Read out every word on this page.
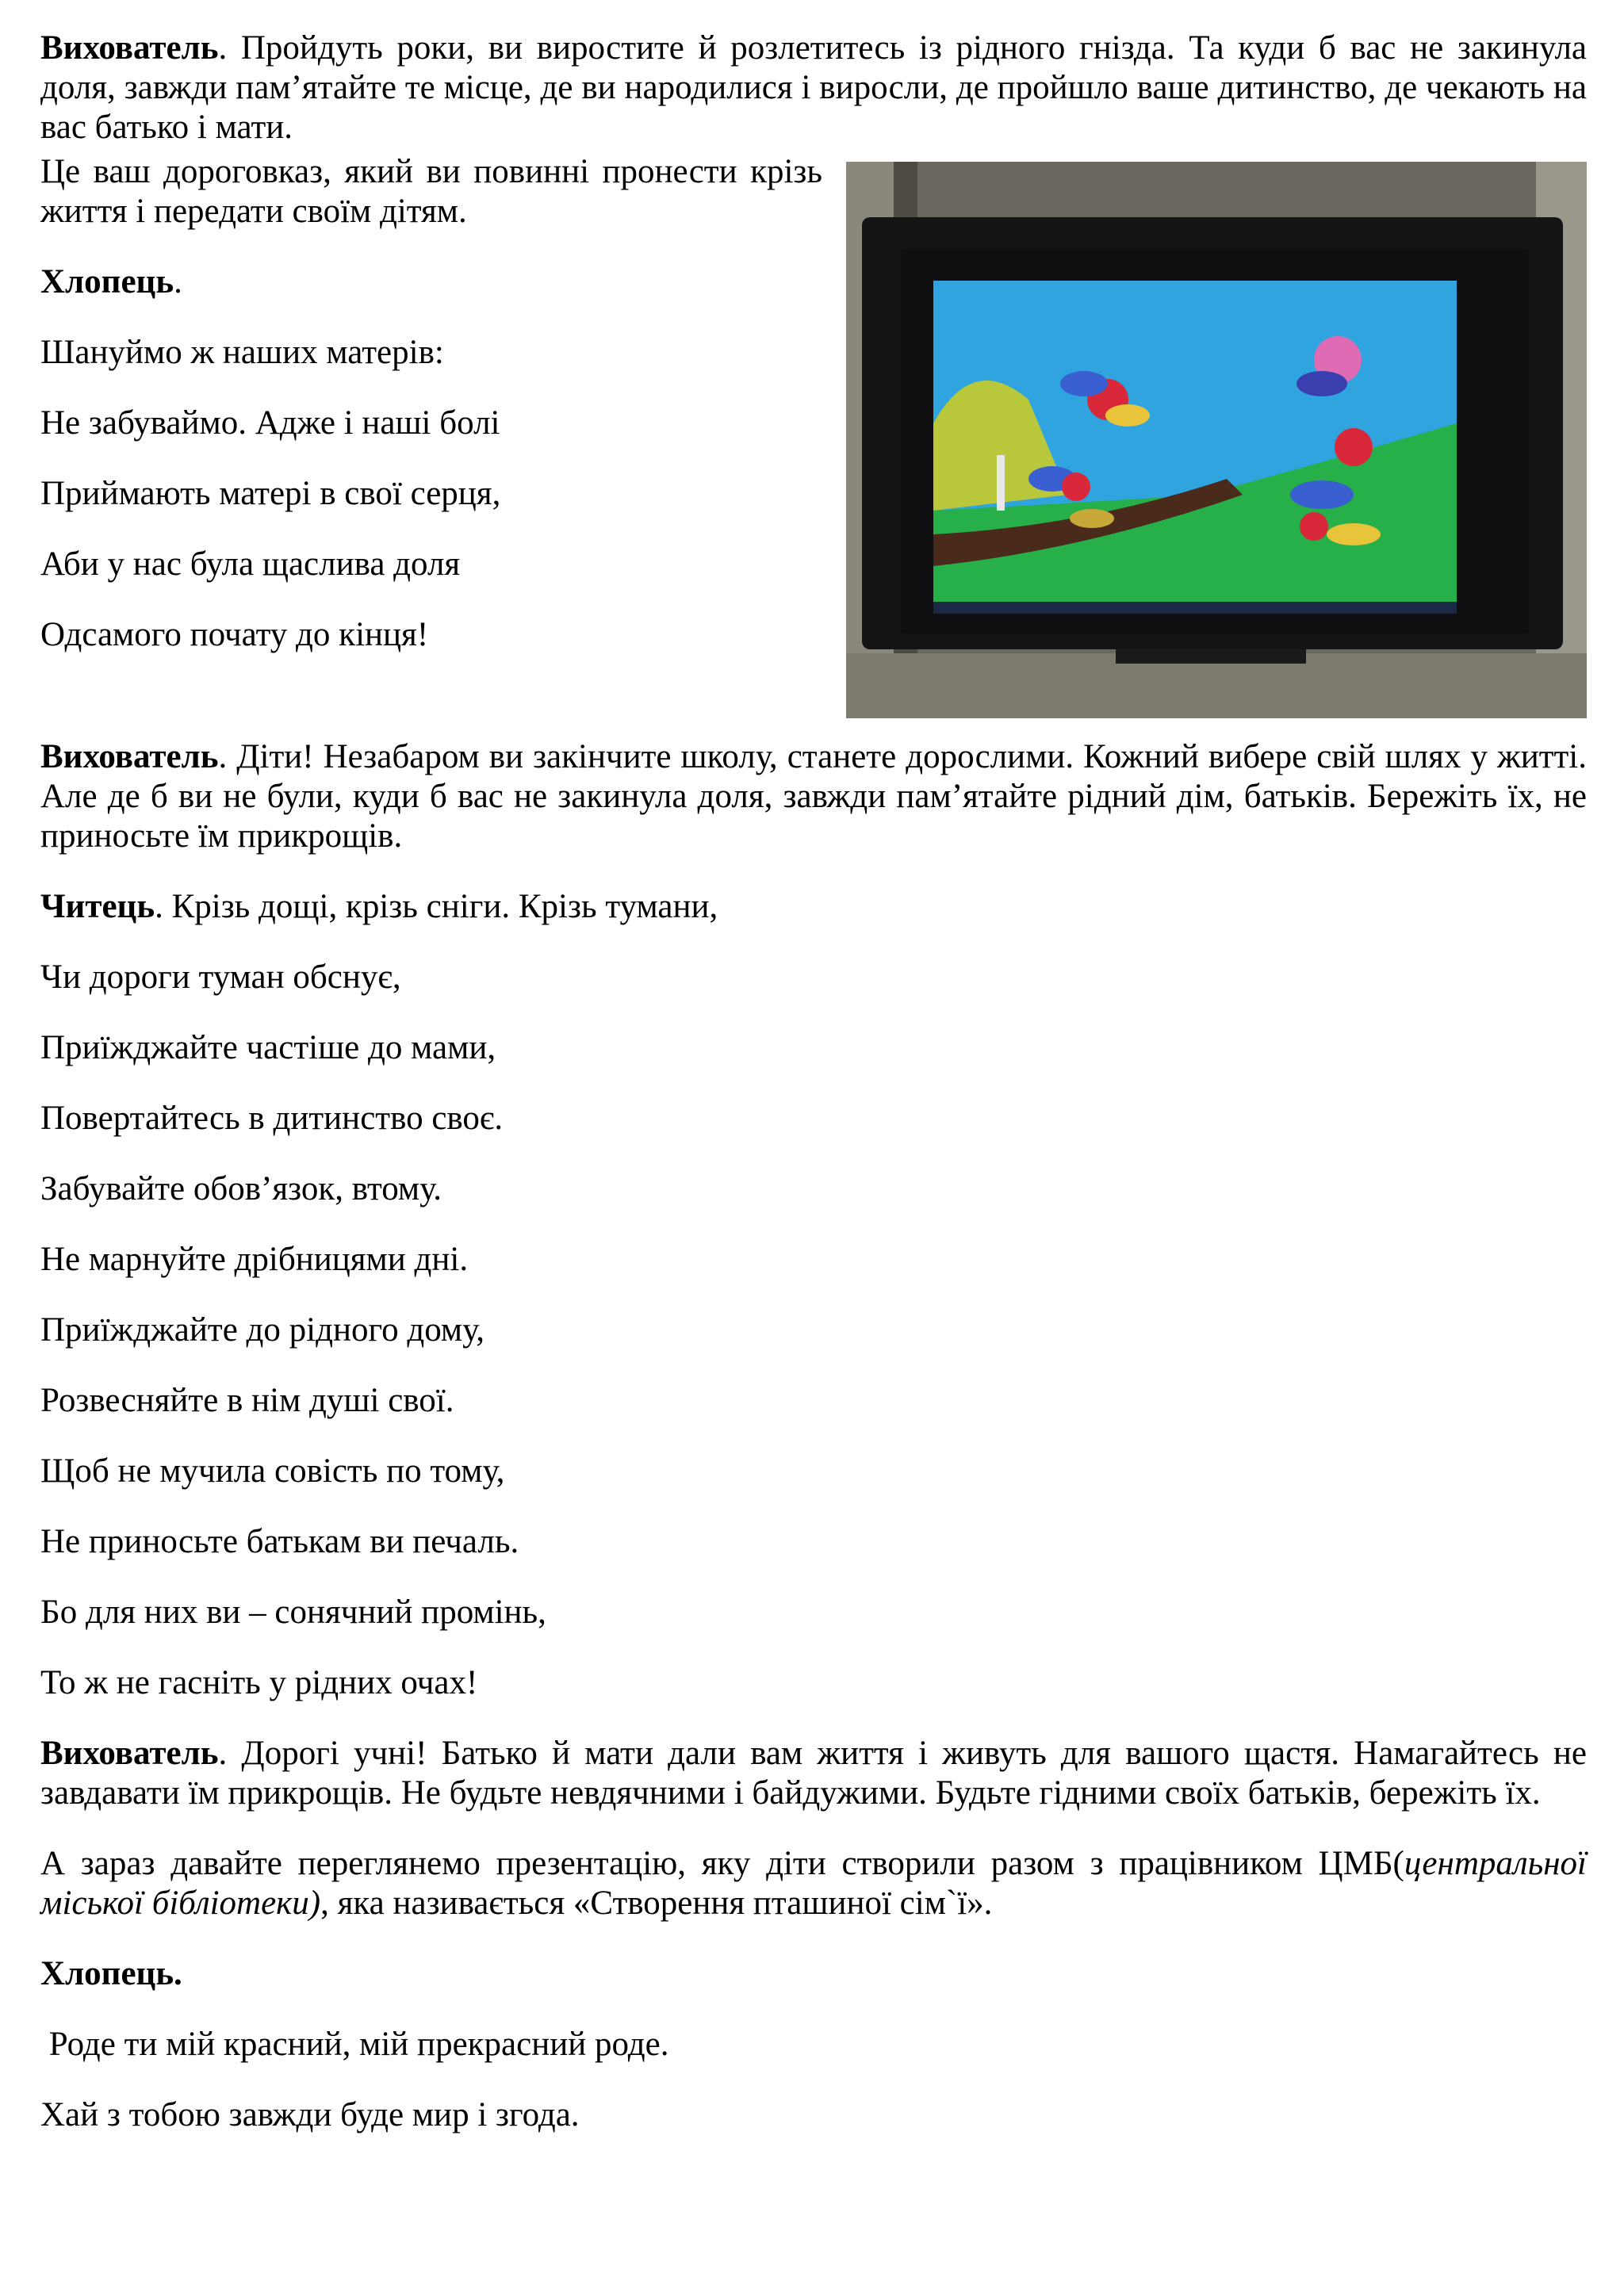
Вихователь. Пройдуть роки, ви виростите й розлетитесь із рідного гнізда. Та куди б вас не закинула доля, завжди пам’ятайте те місце, де ви народилися і виросли, де пройшло ваше дитинство, де чекають на вас батько і мати.

Це ваш дороговказ, який ви повинні пронести крізь життя і передати своїм дітям.

Хлопець.

Шануймо ж наших матерів:

Не забуваймо. Адже і наші болі

Приймають матері в свої серця,

Аби у нас була щаслива доля

Одсамого почату до кінця!

Вихователь. Діти! Незабаром ви закінчите школу, станете дорослими. Кожний вибере свій шлях у житті. Але де б ви не були, куди б вас не закинула доля, завжди пам’ятайте рідний дім, батьків. Бережіть їх, не приносьте їм прикрощів.

Читець. Крізь дощі, крізь сніги. Крізь тумани,

Чи дороги туман обснує,

Приїжджайте частіше до мами,

Повертайтесь в дитинство своє.

Забувайте обов’язок, втому.

Не марнуйте дрібницями дні.

Приїжджайте до рідного дому,

Розвесняйте в нім душі свої.

Щоб не мучила совість по тому,

Не приносьте батькам ви печаль.

Бо для них ви – сонячний промінь,

То ж не гасніть у рідних очах!

Вихователь. Дорогі учні! Батько й мати дали вам життя і живуть для вашого щастя. Намагайтесь не завдавати їм прикрощів. Не будьте невдячними і байдужими. Будьте гідними своїх батьків, бережіть їх.

А зараз давайте переглянемо презентацію, яку діти створили разом з працівником ЦМБ(центральної міської бібліотеки), яка називається «Створення пташиної сім`ї».

Хлопець.

Роде ти мій красний, мій прекрасний роде.

Хай з тобою завжди буде мир і згода.
